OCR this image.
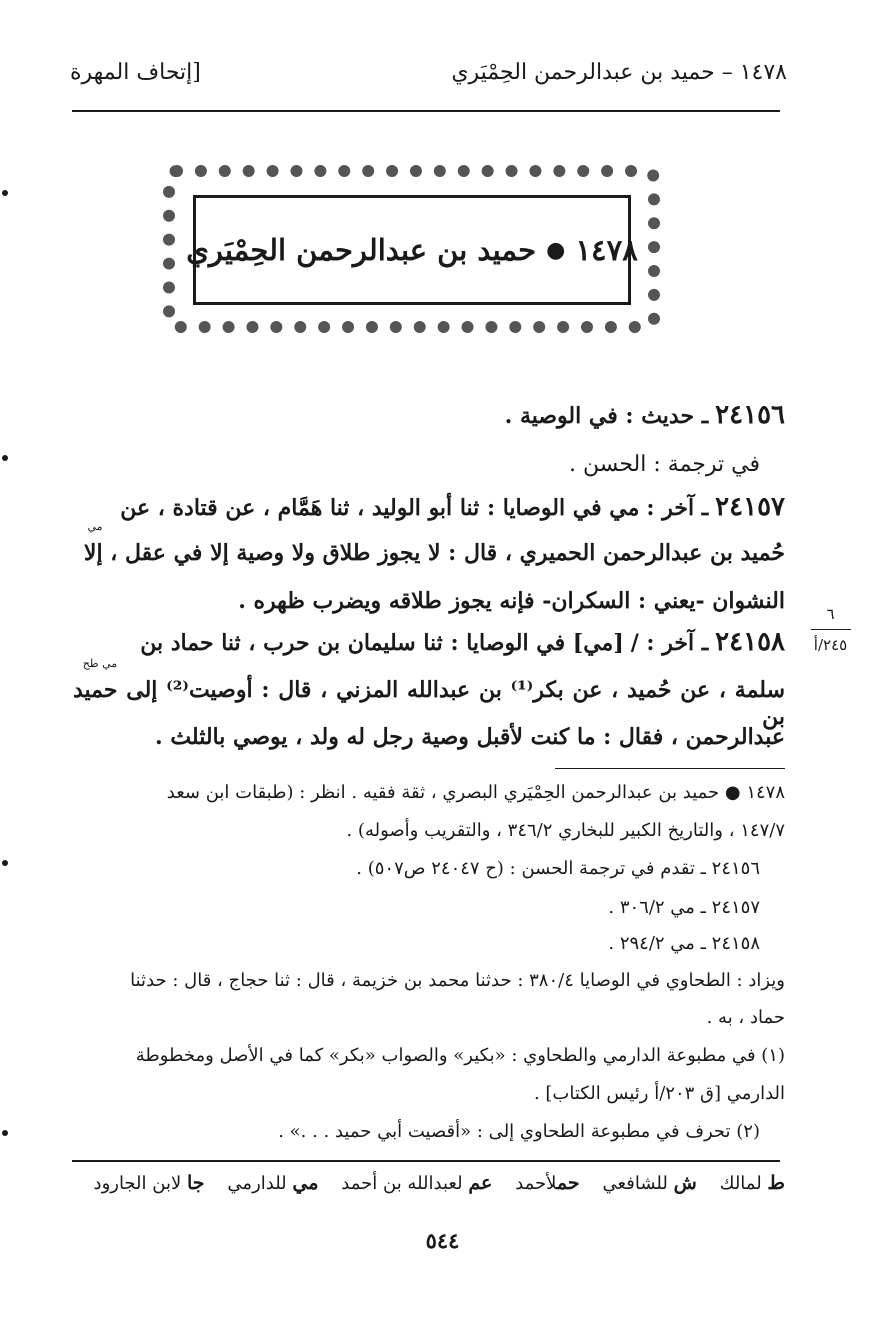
١٤٧٨ – حميد بن عبدالرحمن الحِمْيَري
[إتحاف المهرة
١٤٧٨

●

حميد بن عبدالرحمن الحِمْيَري
٢٤١٥٦ ـ حديث : في الوصية .
في ترجمة : الحسن .
٢٤١٥٧ ـ آخر : مي في الوصايا : ثنا أبو الوليد ، ثنا هَمَّام ، عن قتادة ، عن
مي
حُميد بن عبدالرحمن الحميري ، قال : لا يجوز طلاق ولا وصية إلا في عقل ، إلا
النشوان -يعني : السكران- فإنه يجوز طلاقه ويضرب ظهره .
٢٤١٥٨ ـ آخر : / [مي] في الوصايا : ثنا سليمان بن حرب ، ثنا حماد بن
مي طح
سلمة ، عن حُميد ، عن بكر⁽¹⁾ بن عبدالله المزني ، قال : أوصيت⁽²⁾ إلى حميد بن
عبدالرحمن ، فقال : ما كنت لأقبل وصية رجل له ولد ، يوصي بالثلث .
٦
٢٤٥/أ
١٤٧٨ ● حميد بن عبدالرحمن الحِمْيَري البصري ، ثقة فقيه . انظر : (طبقات ابن سعد
١٤٧/٧ ، والتاريخ الكبير للبخاري ٣٤٦/٢ ، والتقريب وأصوله) .
٢٤١٥٦ ـ تقدم في ترجمة الحسن : (ح ٢٤٠٤٧ ص٥٠٧) .
٢٤١٥٧ ـ مي ٣٠٦/٢ .
٢٤١٥٨ ـ مي ٢٩٤/٢ .
ويزاد : الطحاوي في الوصايا ٣٨٠/٤ : حدثنا محمد بن خزيمة ، قال : ثنا حجاج ، قال : حدثنا
حماد ، به .
(١) في مطبوعة الدارمي والطحاوي : «بكير» والصواب «بكر» كما في الأصل ومخطوطة
الدارمي [ق ٢٠٣/أ رئيس الكتاب] .
(٢) تحرف في مطبوعة الطحاوي إلى : «أقصيت أبي حميد . . .» .
ط لمالك    ش للشافعي    حملأحمد    عم لعبدالله بن أحمد    مي للدارمي    جا لابن الجارود
٥٤٤
